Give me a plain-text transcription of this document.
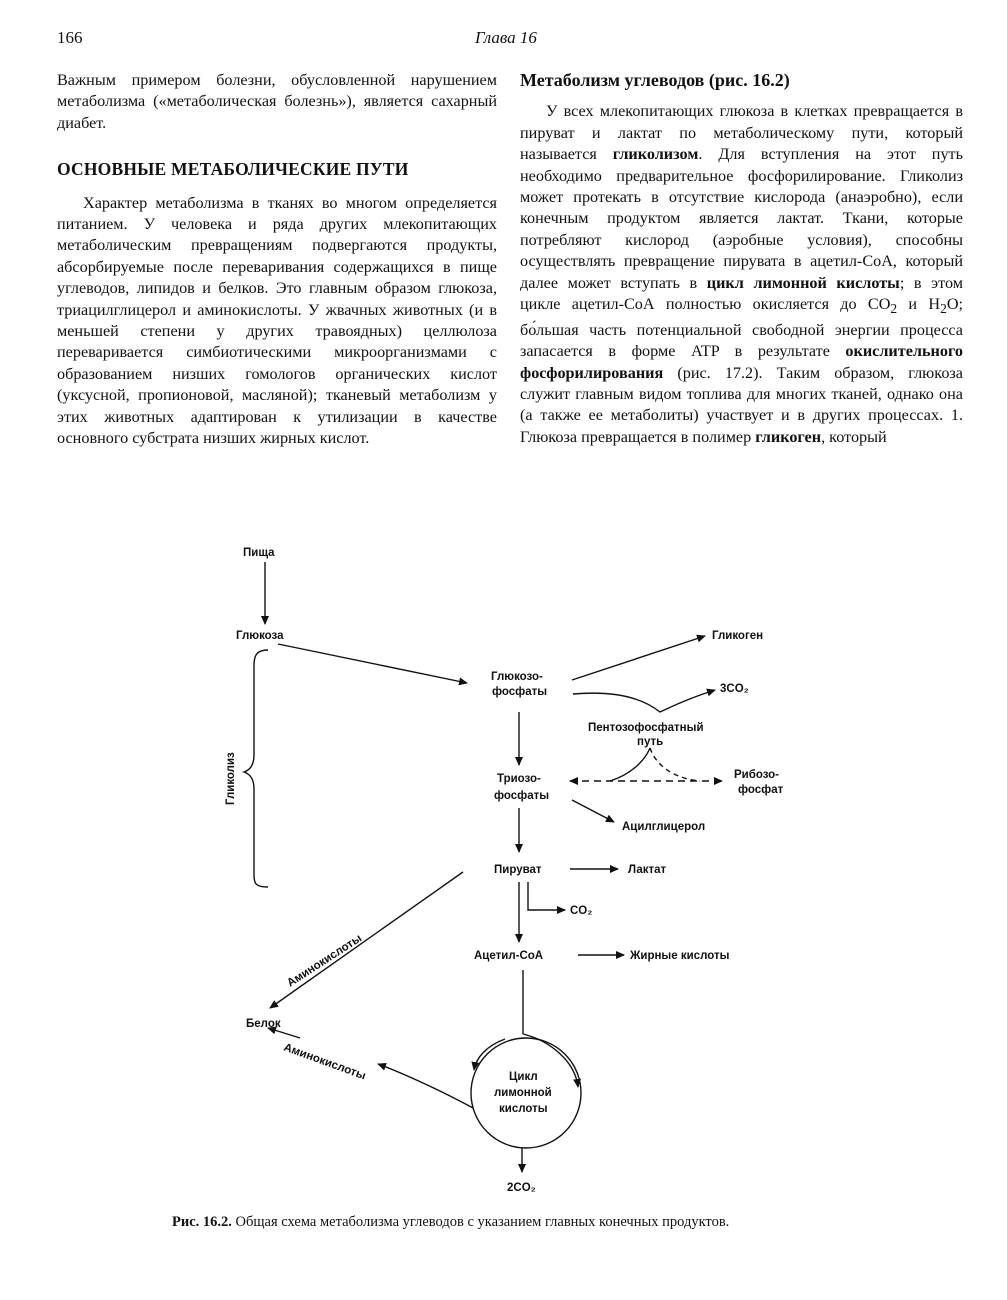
166	Глава 16

Важным примером болезни, обусловленной нарушением метаболизма («метаболическая болезнь»), является сахарный диабет.

ОСНОВНЫЕ МЕТАБОЛИЧЕСКИЕ ПУТИ

Характер метаболизма в тканях во многом определяется питанием. У человека и ряда других млекопитающих метаболическим превращениям подвергаются продукты, абсорбируемые после переваривания содержащихся в пище углеводов, липидов и белков. Это главным образом глюкоза, триацилглицерол и аминокислоты. У жвачных животных (и в меньшей степени у других травоядных) целлюлоза переваривается симбиотическими микроорганизмами с образованием низших гомологов органических кислот (уксусной, пропионовой, масляной); тканевый метаболизм у этих животных адаптирован к утилизации в качестве основного субстрата низших жирных кислот.

Метаболизм углеводов (рис. 16.2)

У всех млекопитающих глюкоза в клетках превращается в пируват и лактат по метаболическому пути, который называется гликолизом. Для вступления на этот путь необходимо предварительное фосфорилирование. Гликолиз может протекать в отсутствие кислорода (анаэробно), если конечным продуктом является лактат. Ткани, которые потребляют кислород (аэробные условия), способны осуществлять превращение пирувата в ацетил-СоА, который далее может вступать в цикл лимонной кислоты; в этом цикле ацетил-СоА полностью окисляется до $CO_2$ и $H_2O$; бо́льшая часть потенциальной свободной энергии процесса запасается в форме ATP в результате окислительного фосфорилирования (рис. 17.2). Таким образом, глюкоза служит главным видом топлива для многих тканей, однако она (а также ее метаболиты) участвует и в других процессах. 1. Глюкоза превращается в полимер гликоген, который

Пища
Глюкоза
Гликолиз
Глюкозо-
фосфаты
Гликоген
3CO₂
Пентозофосфатный
путь
Триозо-
фосфаты
Рибозо-
фосфат
Ацилглицерол
Пируват	Лактат
CO₂
Ацетил-CoA	Жирные кислоты
Аминокислоты
Белок
Аминокислоты	Цикл
лимонной
кислоты
2CO₂
Рис. 16.2. Общая схема метаболизма углеводов с указанием главных конечных продуктов.
